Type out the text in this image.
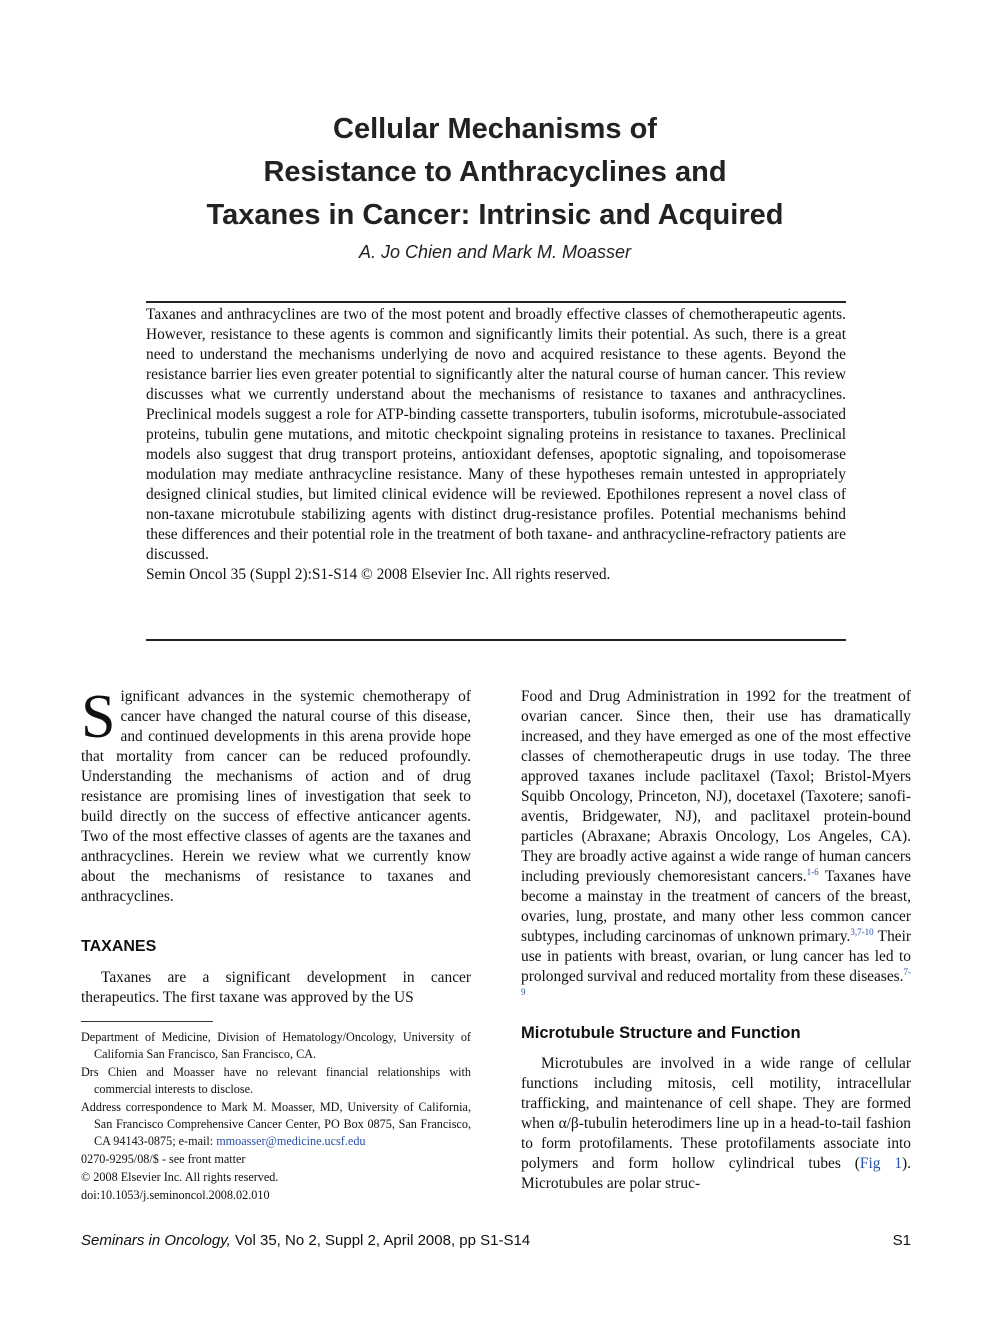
Cellular Mechanisms of
Resistance to Anthracyclines and
Taxanes in Cancer: Intrinsic and Acquired
A. Jo Chien and Mark M. Moasser

Taxanes and anthracyclines are two of the most potent and broadly effective classes of chemotherapeutic agents. However, resistance to these agents is common and significantly limits their potential. As such, there is a great need to understand the mechanisms underlying de novo and acquired resistance to these agents. Beyond the resistance barrier lies even greater potential to significantly alter the natural course of human cancer. This review discusses what we currently understand about the mechanisms of resistance to taxanes and anthracyclines. Preclinical models suggest a role for ATP-binding cassette transporters, tubulin isoforms, microtubule-associated proteins, tubulin gene mutations, and mitotic checkpoint signaling proteins in resistance to taxanes. Preclinical models also suggest that drug transport proteins, antioxidant defenses, apoptotic signaling, and topoisomerase modulation may mediate anthracycline resistance. Many of these hypotheses remain untested in appropriately designed clinical studies, but limited clinical evidence will be reviewed. Epothilones represent a novel class of non-taxane microtubule stabilizing agents with distinct drug-resistance profiles. Potential mechanisms behind these differences and their potential role in the treatment of both taxane- and anthracycline-refractory patients are discussed.

Semin Oncol 35 (Suppl 2):S1-S14 © 2008 Elsevier Inc. All rights reserved.

Significant advances in the systemic chemotherapy of cancer have changed the natural course of this disease, and continued developments in this arena provide hope that mortality from cancer can be reduced profoundly. Understanding the mechanisms of action and of drug resistance are promising lines of investigation that seek to build directly on the success of effective anticancer agents. Two of the most effective classes of agents are the taxanes and anthracyclines. Herein we review what we currently know about the mechanisms of resistance to taxanes and anthracyclines.

TAXANES

Taxanes are a significant development in cancer therapeutics. The first taxane was approved by the US

Department of Medicine, Division of Hematology/Oncology, University of California San Francisco, San Francisco, CA.

Drs Chien and Moasser have no relevant financial relationships with commercial interests to disclose.

Address correspondence to Mark M. Moasser, MD, University of California, San Francisco Comprehensive Cancer Center, PO Box 0875, San Francisco, CA 94143-0875; e-mail: mmoasser@medicine.ucsf.edu

0270-9295/08/$ - see front matter

© 2008 Elsevier Inc. All rights reserved.

doi:10.1053/j.seminoncol.2008.02.010

Food and Drug Administration in 1992 for the treatment of ovarian cancer. Since then, their use has dramatically increased, and they have emerged as one of the most effective classes of chemotherapeutic drugs in use today. The three approved taxanes include paclitaxel (Taxol; Bristol-Myers Squibb Oncology, Princeton, NJ), docetaxel (Taxotere; sanofi-aventis, Bridgewater, NJ), and paclitaxel protein-bound particles (Abraxane; Abraxis Oncology, Los Angeles, CA). They are broadly active against a wide range of human cancers including previously chemoresistant cancers.$^{1-6}$ Taxanes have become a mainstay in the treatment of cancers of the breast, ovaries, lung, prostate, and many other less common cancer subtypes, including carcinomas of unknown primary.$^{3,7-10}$ Their use in patients with breast, ovarian, or lung cancer has led to prolonged survival and reduced mortality from these diseases.$^{7-9}$

Microtubule Structure and Function

Microtubules are involved in a wide range of cellular functions including mitosis, cell motility, intracellular trafficking, and maintenance of cell shape. They are formed when α/β-tubulin heterodimers line up in a head-to-tail fashion to form protofilaments. These protofilaments associate into polymers and form hollow cylindrical tubes (Fig 1). Microtubules are polar struc-

Seminars in Oncology, Vol 35, No 2, Suppl 2, April 2008, pp S1-S14	S1
